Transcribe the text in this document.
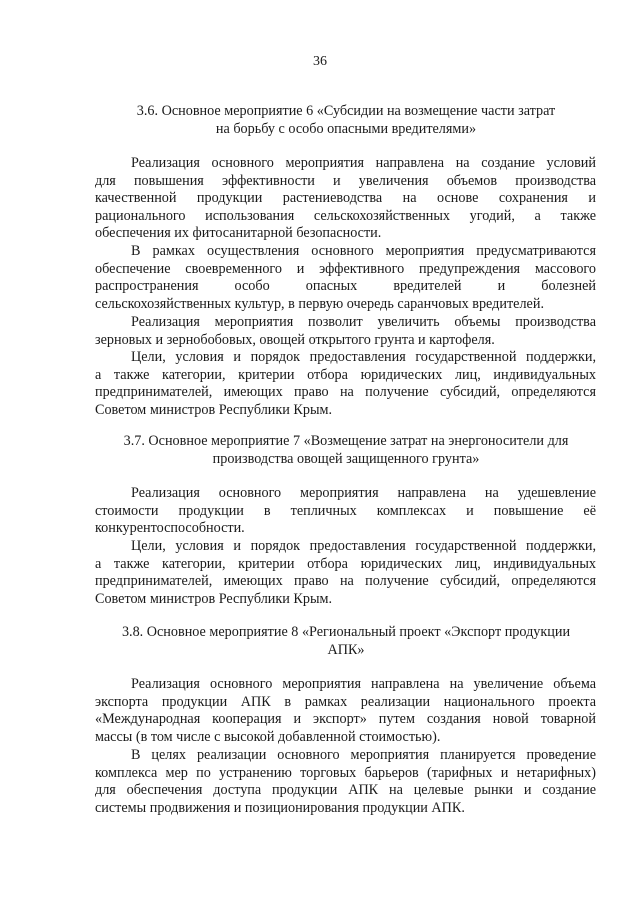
36
3.6. Основное мероприятие 6 «Субсидии на возмещение части затрат
на борьбу с особо опасными вредителями»
Реализация основного мероприятия направлена на создание условий
для повышения эффективности и увеличения объемов производства
качественной продукции растениеводства на основе сохранения и
рационального использования сельскохозяйственных угодий, а также
обеспечения их фитосанитарной безопасности.
В рамках осуществления основного мероприятия предусматриваются
обеспечение своевременного и эффективного предупреждения массового
распространения особо опасных вредителей и болезней
сельскохозяйственных культур, в первую очередь саранчовых вредителей.
Реализация мероприятия позволит увеличить объемы производства
зерновых и зернобобовых, овощей открытого грунта и картофеля.
Цели, условия и порядок предоставления государственной поддержки,
а также категории, критерии отбора юридических лиц, индивидуальных
предпринимателей, имеющих право на получение субсидий, определяются
Советом министров Республики Крым.
3.7. Основное мероприятие 7 «Возмещение затрат на энергоносители для
производства овощей защищенного грунта»
Реализация основного мероприятия направлена на удешевление
стоимости продукции в тепличных комплексах и повышение её
конкурентоспособности.
Цели, условия и порядок предоставления государственной поддержки,
а также категории, критерии отбора юридических лиц, индивидуальных
предпринимателей, имеющих право на получение субсидий, определяются
Советом министров Республики Крым.
3.8. Основное мероприятие 8 «Региональный проект «Экспорт продукции
АПК»
Реализация основного мероприятия направлена на увеличение объема
экспорта продукции АПК в рамках реализации национального проекта
«Международная кооперация и экспорт» путем создания новой товарной
массы (в том числе с высокой добавленной стоимостью).
В целях реализации основного мероприятия планируется проведение
комплекса мер по устранению торговых барьеров (тарифных и нетарифных)
для обеспечения доступа продукции АПК на целевые рынки и создание
системы продвижения и позиционирования продукции АПК.
